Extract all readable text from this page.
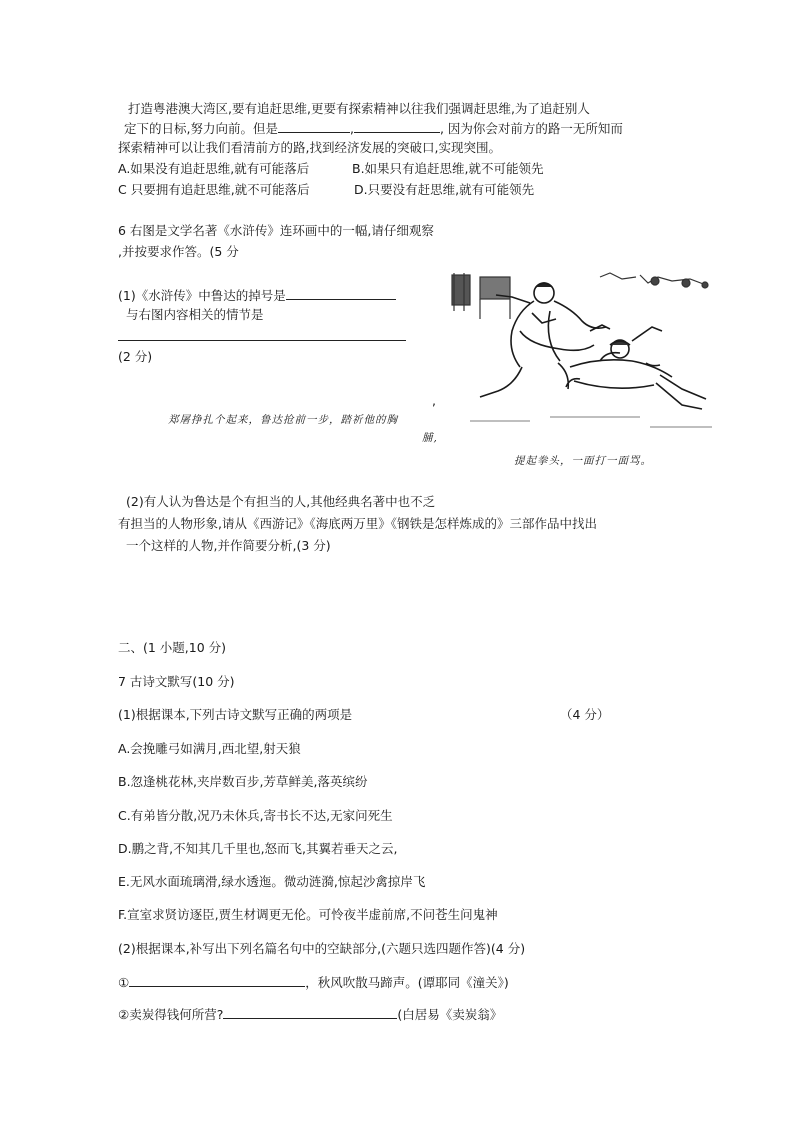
打造粤港澳大湾区,要有追赶思维,更要有探索精神以往我们强调赶思维,为了追赶别人
定下的日标,努力向前。但是	,	, 因为你会对前方的路一无所知而
探索精神可以让我们看清前方的路,找到经济发展的突破口,实现突围。
A.如果没有追赶思维,就有可能落后	B.如果只有追赶思维,就不可能领先
C 只要拥有追赶思维,就不可能落后	D.只要没有赶思维,就有可能领先
6 右图是文学名著《水浒传》连环画中的一幅,请仔细观察
,并按要求作答。(5 分
(1)《水浒传》中鲁达的掉号是
与右图内容相关的情节是
(2 分)
,
郑屠挣扎个起来，鲁达抢前一步，踏祈他的胸
脯,
提起拳头，一面打一面骂。
(2)有人认为鲁达是个有担当的人,其他经典名著中也不乏
有担当的人物形象,请从《西游记》《海底两万里》《钢铁是怎样炼成的》三部作品中找出
一个这样的人物,并作简要分析,(3 分)
二、(1 小题,10 分)
7 古诗文默写(10 分)
(1)根据课本,下列古诗文默写正确的两项是	（4 分）
A.会挽雕弓如满月,西北望,射天狼
B.忽逢桃花林,夹岸数百步,芳草鲜美,落英缤纷
C.有弟皆分散,况乃未休兵,寄书长不达,无家问死生
D.鹏之背,不知其几千里也,怒而飞,其翼若垂天之云,
E.无风水面琉璃滑,绿水透迤。微动涟漪,惊起沙禽掠岸飞
F.宣室求贤访逐臣,贾生材调更无伦。可怜夜半虚前席,不问苍生问鬼神
(2)根据课本,补写出下列名篇名句中的空缺部分,(六题只选四题作答)(4 分)
①	，秋风吹散马蹄声。(谭耶同《潼关》)
②卖炭得钱何所营?	(白居易《卖炭翁》
